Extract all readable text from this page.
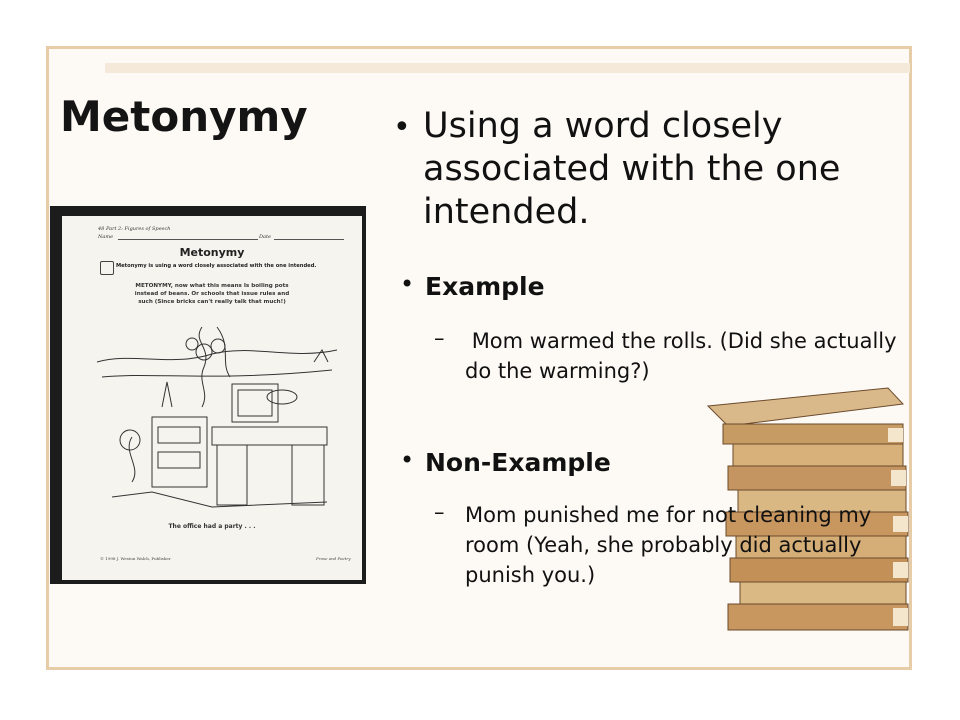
Metonymy
48 Part 2: Figures of Speech
Name	Date
Metonymy
Metonymy is using a word closely associated with the one intended.
METONYMY, now what this means Is boiling pots instead of beans. Or schools that issue rules and such (Since bricks can't really talk that much!)
The office had a party . . .
© 1998 J. Weston Walch, Publisher	Prose and Poetry
• Using a word closely associated with the one intended.
• Example
– Mom warmed the rolls. (Did she actually do the warming?)
• Non-Example
– Mom punished me for not cleaning my room (Yeah, she probably did actually punish you.)
